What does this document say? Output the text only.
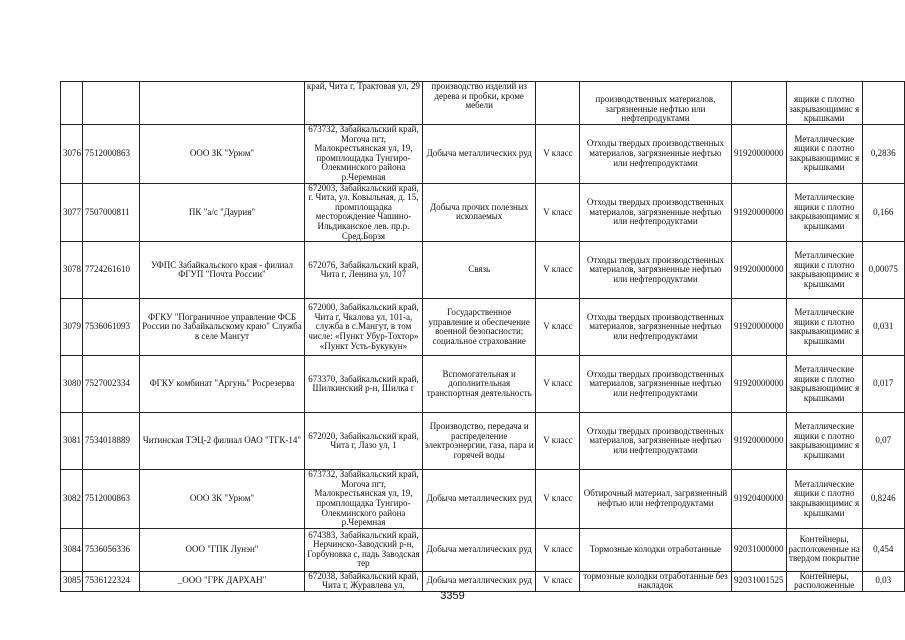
			край, Чита г, Трактовая ул, 29	производство изделий из дерева и пробки, кроме мебели		производственных материалов, загрязненные нефтью или нефтепродуктами		ящики с плотно закрывающимис я крышками	
3076	7512000863	ООО ЗК "Урюм"	673732, Забайкальский край, Могоча пгт, Малокрестьянская ул, 19, промплощадка Тунгиро- Олекминского района р.Черемная	Добыча металлических руд	V класс	Отходы твердых производственных материалов, загрязненные нефтью или нефтепродуктами	91920000000	Металлические ящики с плотно закрывающимис я крышками	0,2836
3077	7507000811	ПК "а/с "Даурия"	672003, Забайкальский край, г. Чита, ул. Ковыльная, д. 15, промплощадка месторождение Чашино-Ильдиканское лев. пр.р. Сред.Борзя	Добыча прочих полезных ископаемых	V класс	Отходы твердых производственных материалов, загрязненные нефтью или нефтепродуктами	91920000000	Металлические ящики с плотно закрывающимис я крышками	0,166
3078	7724261610	УФПС Забайкальского края - филиал ФГУП "Почта России"	672076, Забайкальский край, Чита г, Ленина ул, 107	Связь	V класс	Отходы твердых производственных материалов, загрязненные нефтью или нефтепродуктами	91920000000	Металлические ящики с плотно закрывающимис я крышками	0,00075
3079	7536061093	ФГКУ "Пограничное управление ФСБ России по Забайкальскому краю" Служба в селе Мангут	672000, Забайкальский край, Чита г, Чкалова ул, 101-а, служба в с.Мангут, в том числе: «Пункт Убур-Тохтор» «Пункт Усть-Букукун»	Государственное управление и обеспечение военной безопасности; социальное страхование	V класс	Отходы твердых производственных материалов, загрязненные нефтью или нефтепродуктами	91920000000	Металлические ящики с плотно закрывающимис я крышками	0,031
3080	7527002334	ФГКУ комбинат "Аргунь" Росрезерва	673370, Забайкальский край, Шилкинский р-н, Шилка г	Вспомогательная и дополнительная транспортная деятельность	V класс	Отходы твердых производственных материалов, загрязненные нефтью или нефтепродуктами	91920000000	Металлические ящики с плотно закрывающимис я крышками	0,017
3081	7534018889	Читинская ТЭЦ-2 филиал ОАО "ТГК-14"	672020, Забайкальский край, Чита г, Лазо ул, 1	Производство, передача и распределение электроэнергии, газа, пара и горячей воды	V класс	Отходы твердых производственных материалов, загрязненные нефтью или нефтепродуктами	91920000000	Металлические ящики с плотно закрывающимис я крышками	0,07
3082	7512000863	ООО ЗК "Урюм"	673732, Забайкальский край, Могоча пгт, Малокрестьянская ул, 19, промплощадка Тунгиро- Олекминского района р.Черемная	Добыча металлических руд	V класс	Обтирочный материал, загрязненный нефтью или нефтепродуктами	91920400000	Металлические ящики с плотно закрывающимис я крышками	0,8246
3084	7536056336	ООО "ГПК Лунэн"	674383, Забайкальский край, Нерчинско-Заводский р-н, Горбуновка с, падь Заводская тер	Добыча металлических руд	V класс	Тормозные колодки отработанные	92031000000	Контейнеры, расположенные на твердом покрытие	0,454
3085	7536122324	_ООО "ГРК ДАРХАН"	672038, Забайкальский край, Чита г, Журавлева ул,	Добыча металлических руд	V класс	тормозные колодки отработанные без накладок	92031001525	Контейнеры, расположенные	0,03
3359
